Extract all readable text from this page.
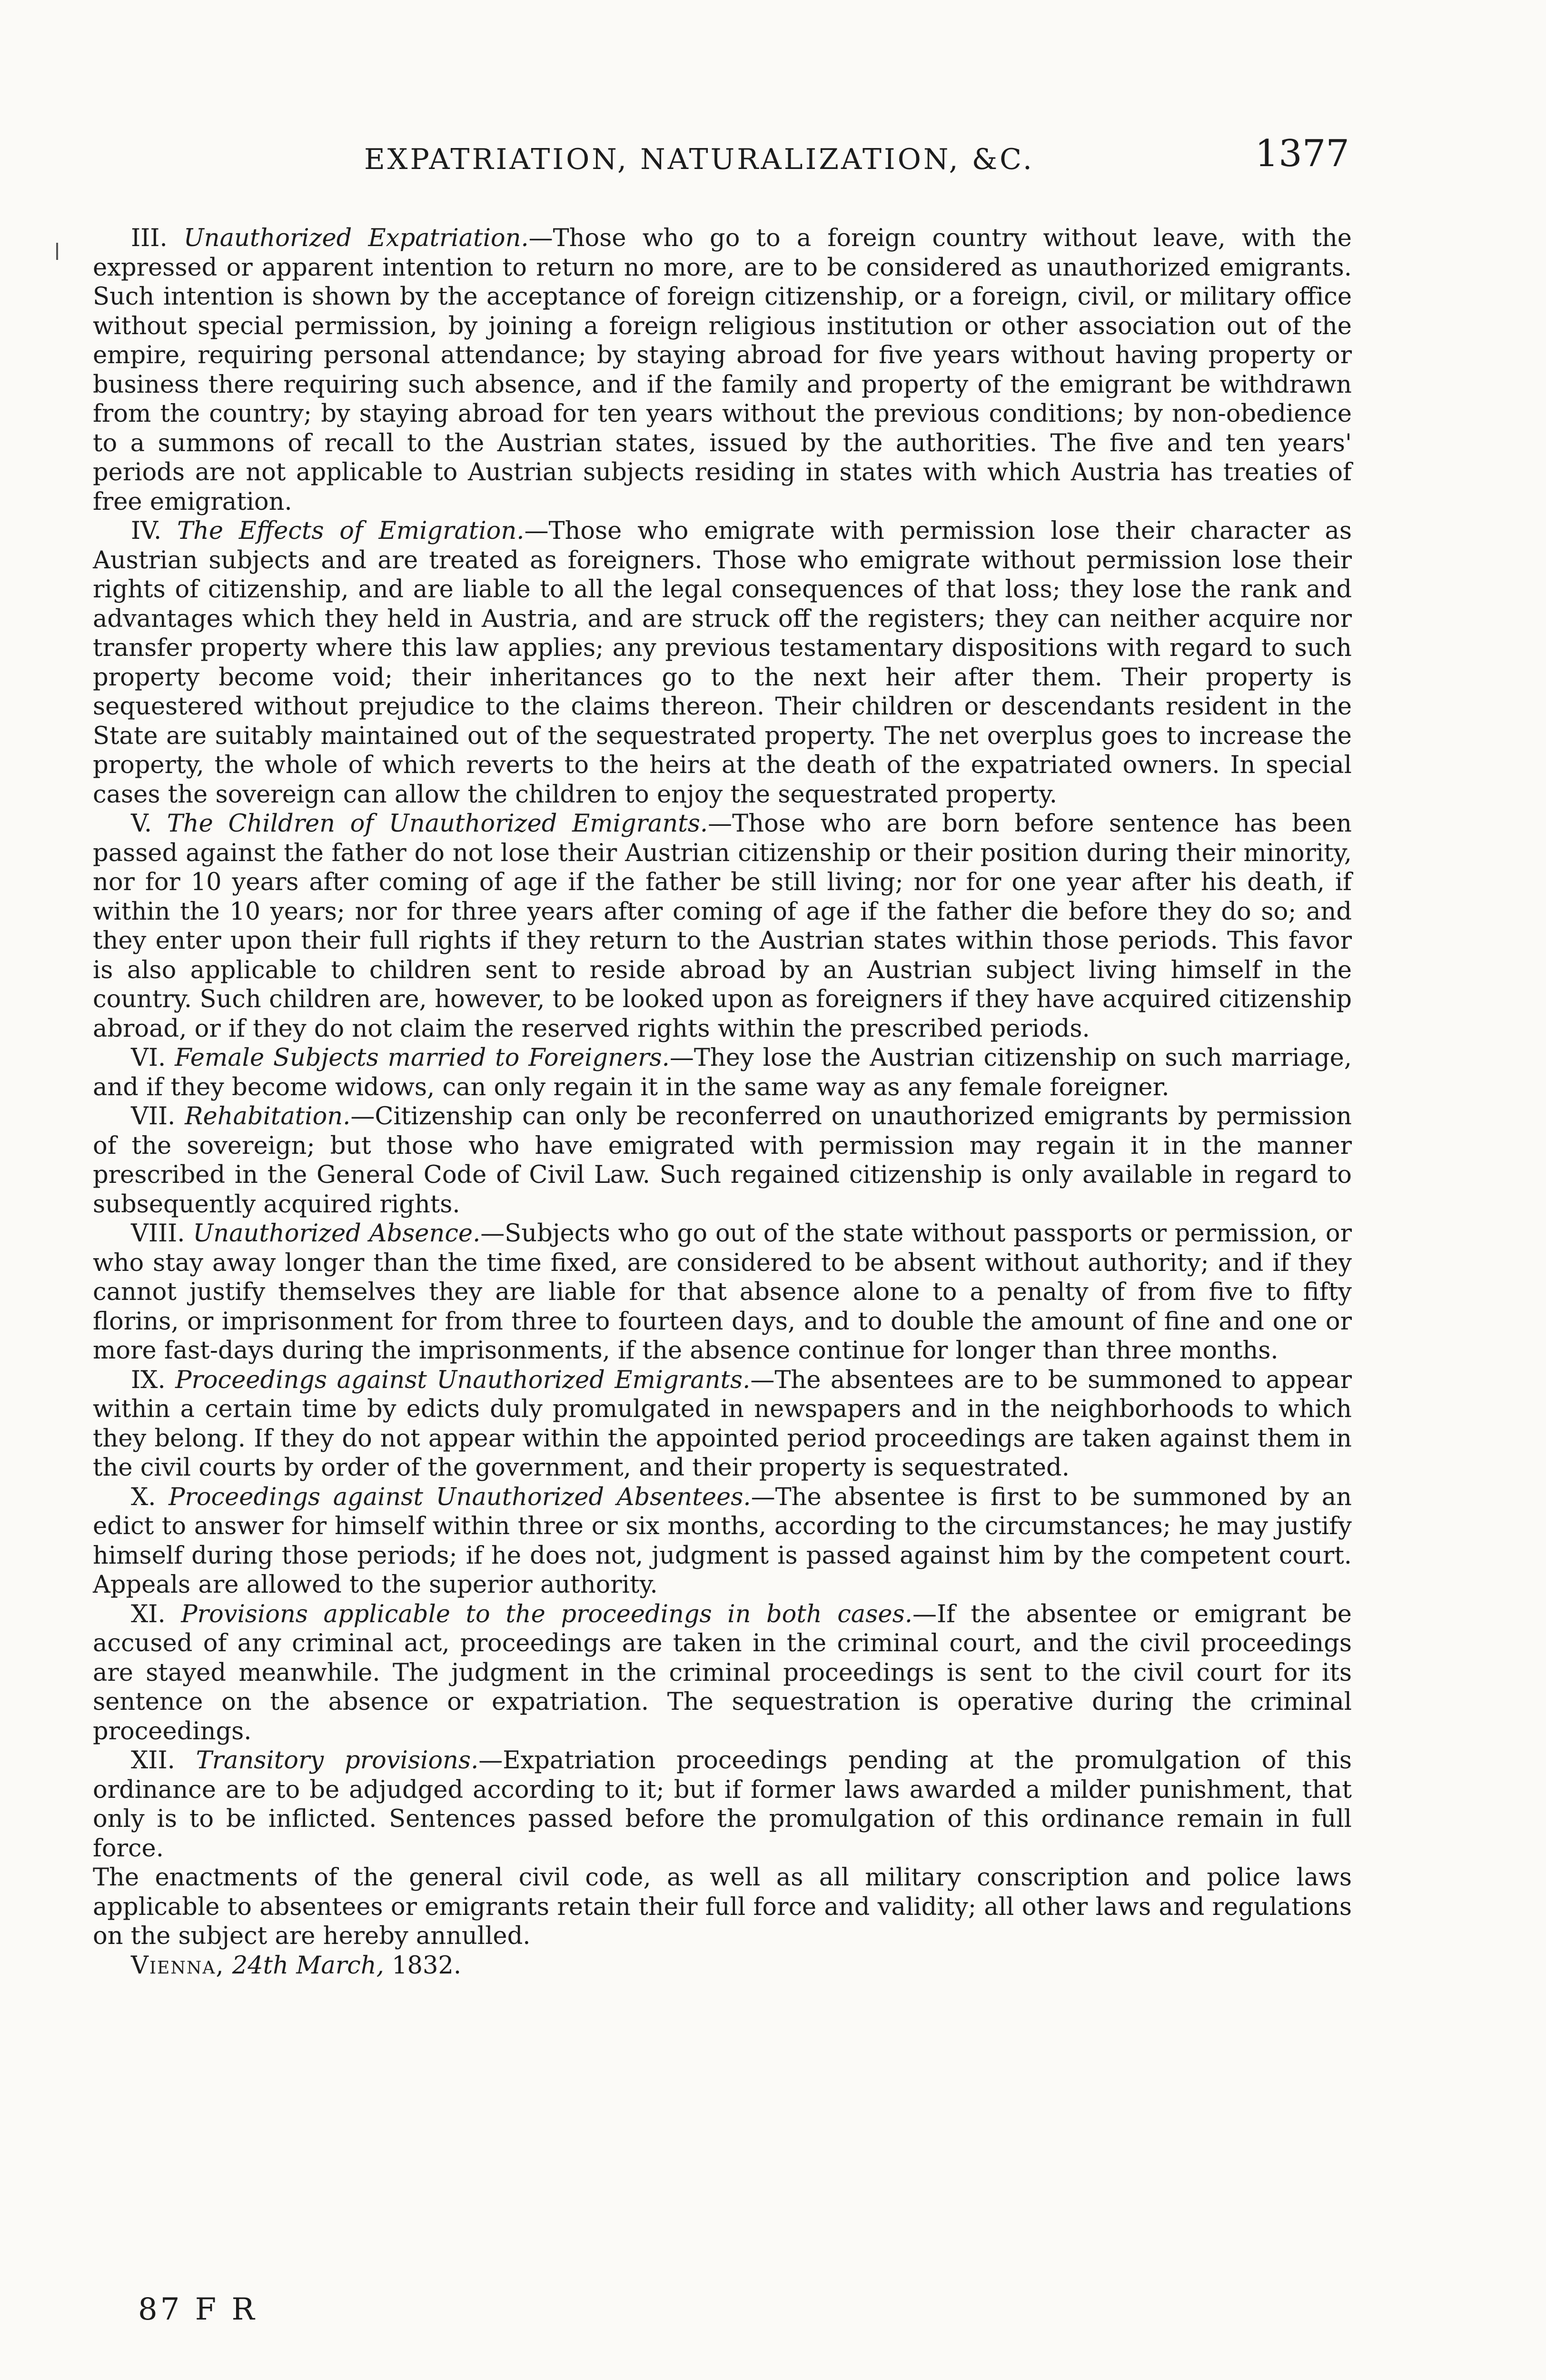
EXPATRIATION, NATURALIZATION, &C.	1377

III. Unauthorized Expatriation.—Those who go to a foreign country without leave, with the expressed or apparent intention to return no more, are to be considered as unauthorized emigrants. Such intention is shown by the acceptance of foreign citizenship, or a foreign, civil, or military office without special permission, by joining a foreign religious institution or other association out of the empire, requiring personal attendance; by staying abroad for five years without having property or business there requiring such absence, and if the family and property of the emigrant be withdrawn from the country; by staying abroad for ten years without the previous conditions; by non-obedience to a summons of recall to the Austrian states, issued by the authorities. The five and ten years' periods are not applicable to Austrian subjects residing in states with which Austria has treaties of free emigration.

IV. The Effects of Emigration.—Those who emigrate with permission lose their character as Austrian subjects and are treated as foreigners. Those who emigrate without permission lose their rights of citizenship, and are liable to all the legal consequences of that loss; they lose the rank and advantages which they held in Austria, and are struck off the registers; they can neither acquire nor transfer property where this law applies; any previous testamentary dispositions with regard to such property become void; their inheritances go to the next heir after them. Their property is sequestered without prejudice to the claims thereon. Their children or descendants resident in the State are suitably maintained out of the sequestrated property. The net overplus goes to increase the property, the whole of which reverts to the heirs at the death of the expatriated owners. In special cases the sovereign can allow the children to enjoy the sequestrated property.

V. The Children of Unauthorized Emigrants.—Those who are born before sentence has been passed against the father do not lose their Austrian citizenship or their position during their minority, nor for 10 years after coming of age if the father be still living; nor for one year after his death, if within the 10 years; nor for three years after coming of age if the father die before they do so; and they enter upon their full rights if they return to the Austrian states within those periods. This favor is also applicable to children sent to reside abroad by an Austrian subject living himself in the country. Such children are, however, to be looked upon as foreigners if they have acquired citizenship abroad, or if they do not claim the reserved rights within the prescribed periods.

VI. Female Subjects married to Foreigners.—They lose the Austrian citizenship on such marriage, and if they become widows, can only regain it in the same way as any female foreigner.

VII. Rehabitation.—Citizenship can only be reconferred on unauthorized emigrants by permission of the sovereign; but those who have emigrated with permission may regain it in the manner prescribed in the General Code of Civil Law. Such regained citizenship is only available in regard to subsequently acquired rights.

VIII. Unauthorized Absence.—Subjects who go out of the state without passports or permission, or who stay away longer than the time fixed, are considered to be absent without authority; and if they cannot justify themselves they are liable for that absence alone to a penalty of from five to fifty florins, or imprisonment for from three to fourteen days, and to double the amount of fine and one or more fast-days during the imprisonments, if the absence continue for longer than three months.

IX. Proceedings against Unauthorized Emigrants.—The absentees are to be summoned to appear within a certain time by edicts duly promulgated in newspapers and in the neighborhoods to which they belong. If they do not appear within the appointed period proceedings are taken against them in the civil courts by order of the government, and their property is sequestrated.

X. Proceedings against Unauthorized Absentees.—The absentee is first to be summoned by an edict to answer for himself within three or six months, according to the circumstances; he may justify himself during those periods; if he does not, judgment is passed against him by the competent court. Appeals are allowed to the superior authority.

XI. Provisions applicable to the proceedings in both cases.—If the absentee or emigrant be accused of any criminal act, proceedings are taken in the criminal court, and the civil proceedings are stayed meanwhile. The judgment in the criminal proceedings is sent to the civil court for its sentence on the absence or expatriation. The sequestration is operative during the criminal proceedings.

XII. Transitory provisions.—Expatriation proceedings pending at the promulgation of this ordinance are to be adjudged according to it; but if former laws awarded a milder punishment, that only is to be inflicted. Sentences passed before the promulgation of this ordinance remain in full force.

The enactments of the general civil code, as well as all military conscription and police laws applicable to absentees or emigrants retain their full force and validity; all other laws and regulations on the subject are hereby annulled.

Vienna, 24th March, 1832.

87 F R
